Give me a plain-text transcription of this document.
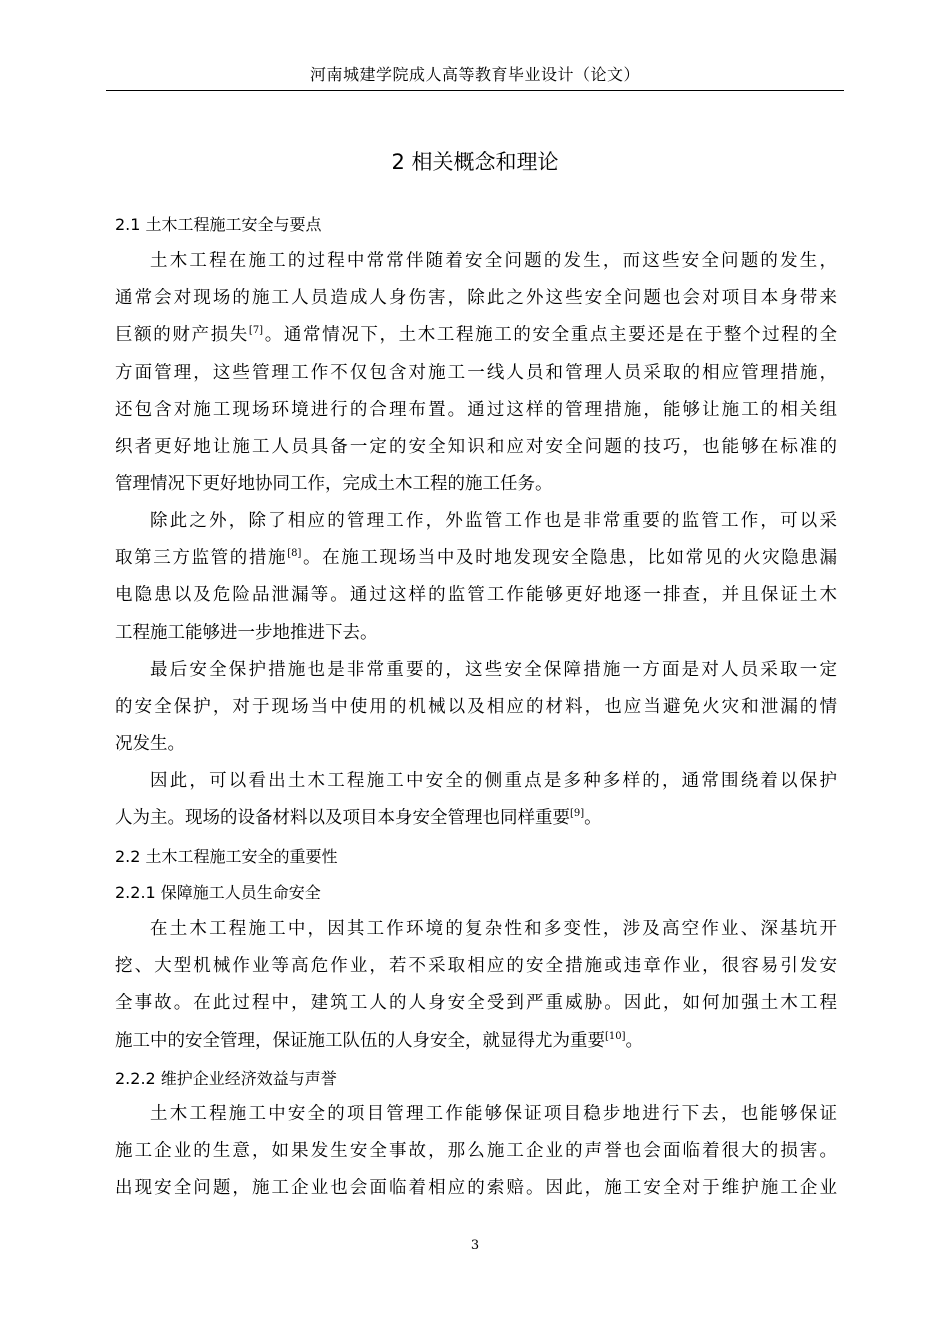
河南城建学院成人高等教育毕业设计（论文）
2 相关概念和理论
2.1 土木工程施工安全与要点
土木工程在施工的过程中常常伴随着安全问题的发生，而这些安全问题的发生，
通常会对现场的施工人员造成人身伤害，除此之外这些安全问题也会对项目本身带来
巨额的财产损失[7]。通常情况下，土木工程施工的安全重点主要还是在于整个过程的全
方面管理，这些管理工作不仅包含对施工一线人员和管理人员采取的相应管理措施，
还包含对施工现场环境进行的合理布置。通过这样的管理措施，能够让施工的相关组
织者更好地让施工人员具备一定的安全知识和应对安全问题的技巧，也能够在标准的
管理情况下更好地协同工作，完成土木工程的施工任务。
除此之外，除了相应的管理工作，外监管工作也是非常重要的监管工作，可以采
取第三方监管的措施[8]。在施工现场当中及时地发现安全隐患，比如常见的火灾隐患漏
电隐患以及危险品泄漏等。通过这样的监管工作能够更好地逐一排查，并且保证土木
工程施工能够进一步地推进下去。
最后安全保护措施也是非常重要的，这些安全保障措施一方面是对人员采取一定
的安全保护，对于现场当中使用的机械以及相应的材料，也应当避免火灾和泄漏的情
况发生。
因此，可以看出土木工程施工中安全的侧重点是多种多样的，通常围绕着以保护
人为主。现场的设备材料以及项目本身安全管理也同样重要[9]。
2.2 土木工程施工安全的重要性
2.2.1 保障施工人员生命安全
在土木工程施工中，因其工作环境的复杂性和多变性，涉及高空作业、深基坑开
挖、大型机械作业等高危作业，若不采取相应的安全措施或违章作业，很容易引发安
全事故。在此过程中，建筑工人的人身安全受到严重威胁。因此，如何加强土木工程
施工中的安全管理，保证施工队伍的人身安全，就显得尤为重要[10]。
2.2.2 维护企业经济效益与声誉
土木工程施工中安全的项目管理工作能够保证项目稳步地进行下去，也能够保证
施工企业的生意，如果发生安全事故，那么施工企业的声誉也会面临着很大的损害。
出现安全问题，施工企业也会面临着相应的索赔。因此，施工安全对于维护施工企业
3
